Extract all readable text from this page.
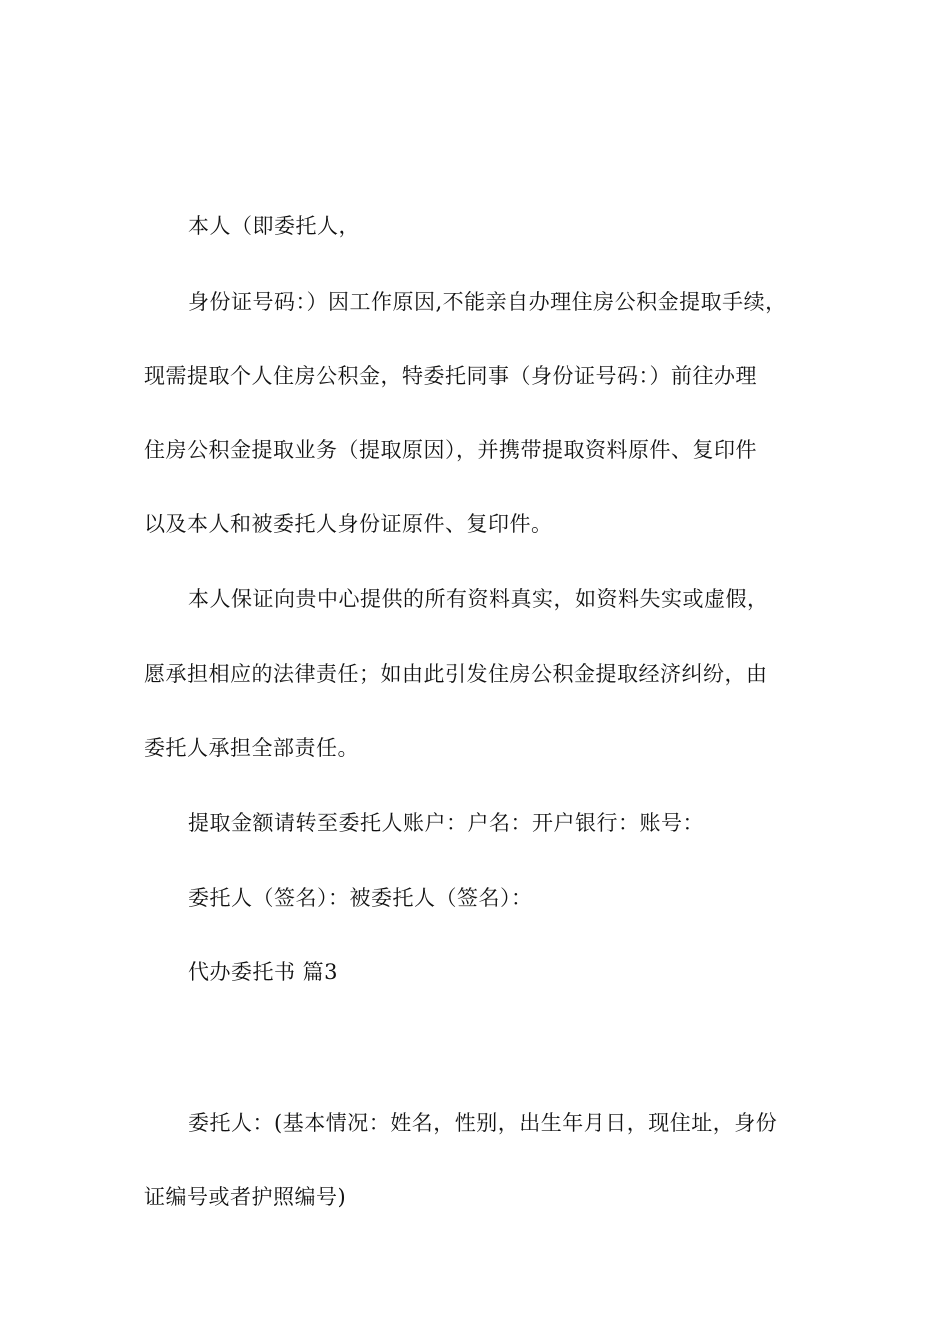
本人（即委托人，
身份证号码：）因工作原因,不能亲自办理住房公积金提取手续，
现需提取个人住房公积金，特委托同事（身份证号码：）前往办理
住房公积金提取业务（提取原因），并携带提取资料原件、复印件
以及本人和被委托人身份证原件、复印件。
本人保证向贵中心提供的所有资料真实，如资料失实或虚假，
愿承担相应的法律责任；如由此引发住房公积金提取经济纠纷，由
委托人承担全部责任。
提取金额请转至委托人账户：户名：开户银行：账号：
委托人（签名）：被委托人（签名）：
代办委托书 篇3
委托人：(基本情况：姓名，性别，出生年月日，现住址，身份
证编号或者护照编号)
